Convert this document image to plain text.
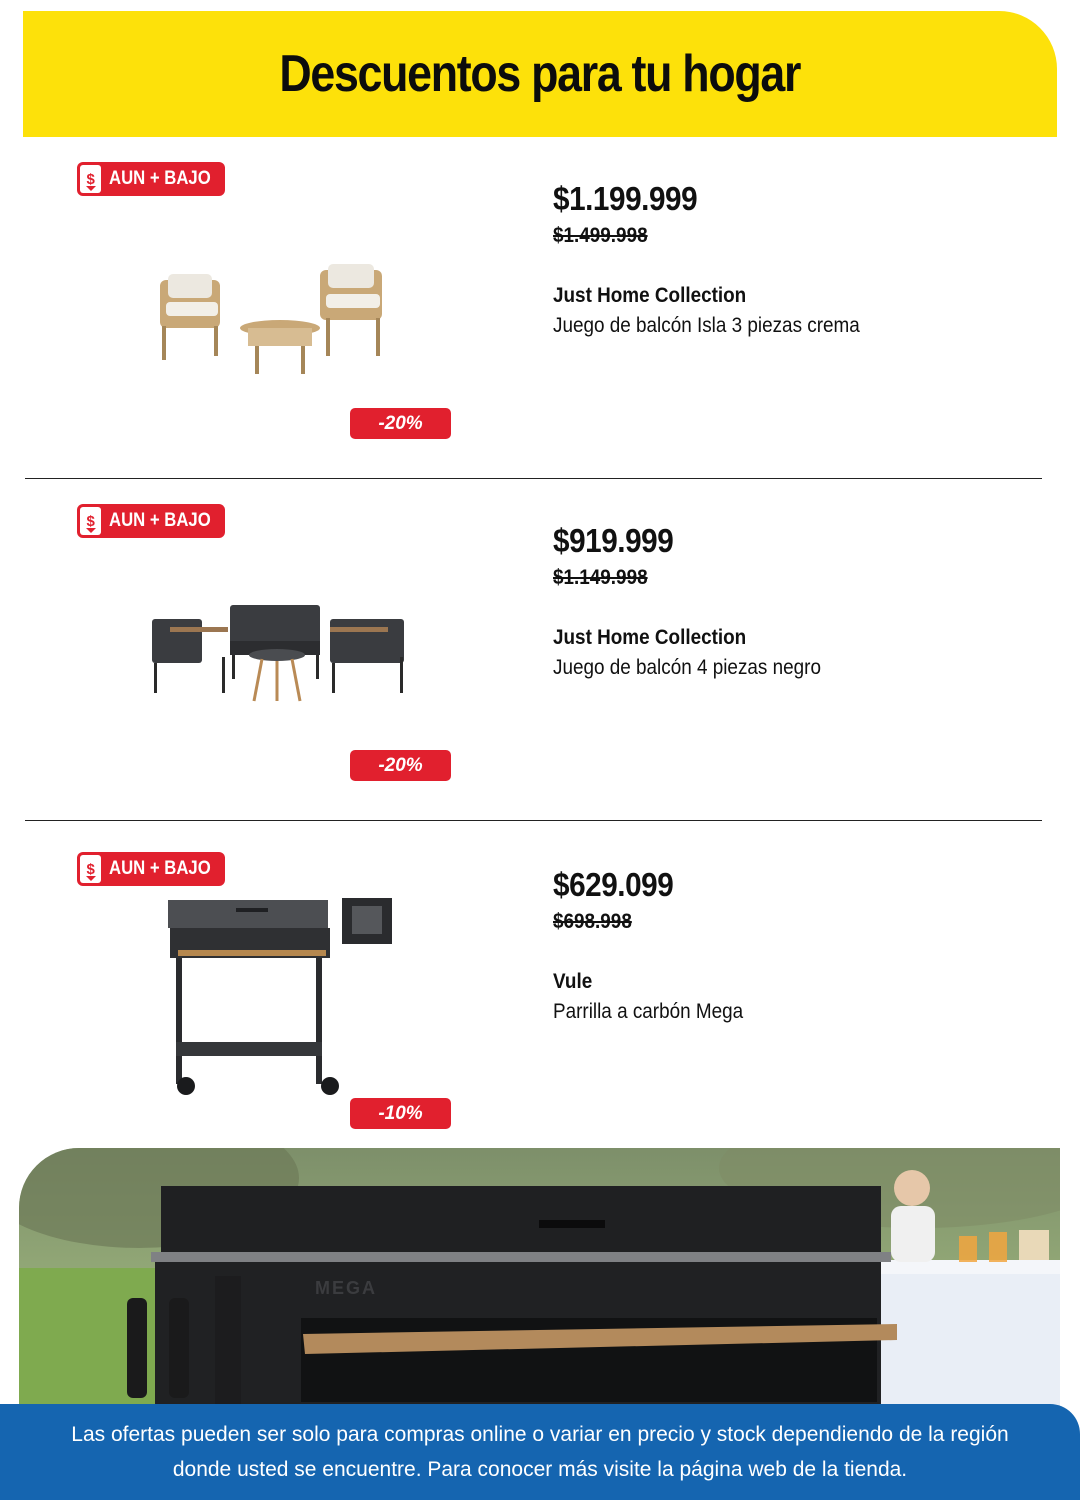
Descuentos para tu hogar
$ AUN + BAJO
-20%
$1.199.999
$1.499.998
Just Home Collection
Juego de balcón Isla 3 piezas crema
$ AUN + BAJO
-20%
$919.999
$1.149.998
Just Home Collection
Juego de balcón 4 piezas negro
$ AUN + BAJO
-10%
$629.099
$698.998
Vule
Parrilla a carbón Mega
MEGA

Las ofertas pueden ser solo para compras online o variar en precio y stock dependiendo de la región donde usted se encuentre. Para conocer más visite la página web de la tienda.
